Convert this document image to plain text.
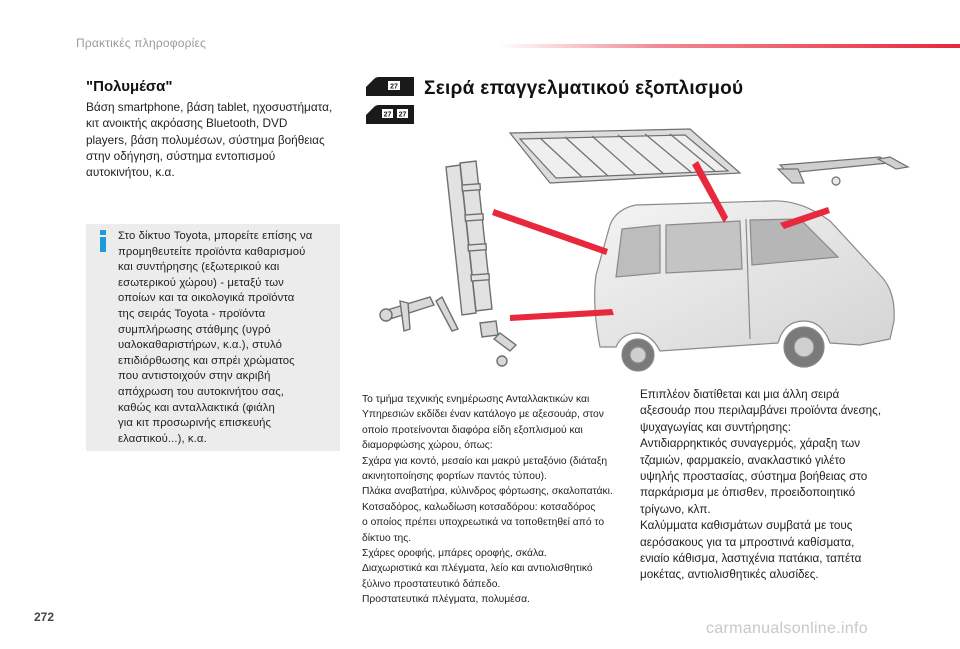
Πρακτικές πληροφορίες
"Πολυμέσα"
Βάση smartphone, βάση tablet, ηχοσυστήματα,
κιτ ανοικτής ακρόασης Bluetooth, DVD
players, βάση πολυμέσων, σύστημα βοήθειας
στην οδήγηση, σύστημα εντοπισμού
αυτοκινήτου, κ.α.
Στο δίκτυο Toyota, μπορείτε επίσης να
προμηθευτείτε προϊόντα καθαρισμού
και συντήρησης (εξωτερικού και
εσωτερικού χώρου) - μεταξύ των
οποίων και τα οικολογικά προϊόντα
της σειράς Toyota - προϊόντα
συμπλήρωσης στάθμης (υγρό
υαλοκαθαριστήρων, κ.α.), στυλό
επιδιόρθωσης και σπρέι χρώματος
που αντιστοιχούν στην ακριβή
απόχρωση του αυτοκινήτου σας,
καθώς και ανταλλακτικά (φιάλη
για κιτ προσωρινής επισκευής
ελαστικού...), κ.α.
27
27 27
Σειρά επαγγελματικού εξοπλισμού
Το τμήμα τεχνικής ενημέρωσης Ανταλλακτικών και
Υπηρεσιών εκδίδει έναν κατάλογο με αξεσουάρ, στον
οποίο προτείνονται διαφόρα είδη εξοπλισμού και
διαμορφώσης χώρου, όπως:
Σχάρα για κοντό, μεσαίο και μακρύ μεταξόνιο (διάταξη
ακινητοποίησης φορτίων παντός τύπου).
Πλάκα αναβατήρα, κύλινδρος φόρτωσης, σκαλοπατάκι.
Κοτσαδόρος, καλωδίωση κοτσαδόρου: κοτσαδόρος
ο οποίος πρέπει υποχρεωτικά να τοποθετηθεί από το
δίκτυο της.
Σχάρες οροφής, μπάρες οροφής, σκάλα.
Διαχωριστικά και πλέγματα, λείο και αντιολισθητικό
ξύλινο προστατευτικό δάπεδο.
Προστατευτικά πλέγματα, πολυμέσα.
Επιπλέον διατίθεται και μια άλλη σειρά
αξεσουάρ που περιλαμβάνει προϊόντα άνεσης,
ψυχαγωγίας και συντήρησης:
Αντιδιαρρηκτικός συναγερμός, χάραξη των
τζαμιών, φαρμακείο, ανακλαστικό γιλέτο
υψηλής προστασίας, σύστημα βοήθειας στο
παρκάρισμα με όπισθεν, προειδοποιητικό
τρίγωνο, κλπ.
Καλύμματα καθισμάτων συμβατά με τους
αερόσακους για τα μπροστινά καθίσματα,
ενιαίο κάθισμα, λαστιχένια πατάκια, ταπέτα
μοκέτας, αντιολισθητικές αλυσίδες.
272
carmanualsonline.info
